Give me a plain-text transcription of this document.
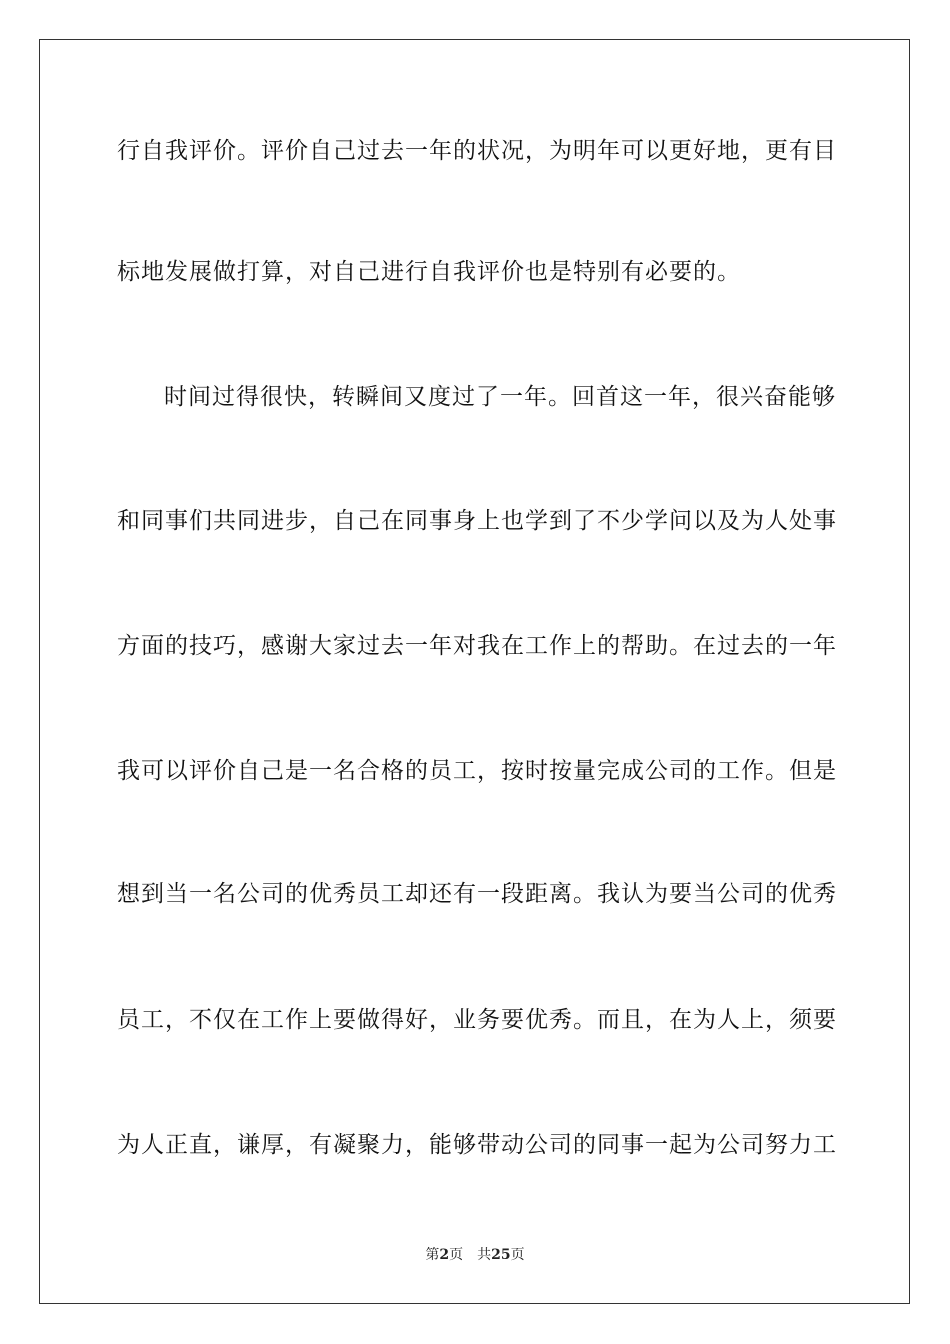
行自我评价。评价自己过去一年的状况，为明年可以更好地，更有目
标地发展做打算，对自己进行自我评价也是特别有必要的。
时间过得很快，转瞬间又度过了一年。回首这一年，很兴奋能够
和同事们共同进步，自己在同事身上也学到了不少学问以及为人处事
方面的技巧，感谢大家过去一年对我在工作上的帮助。在过去的一年
我可以评价自己是一名合格的员工，按时按量完成公司的工作。但是
想到当一名公司的优秀员工却还有一段距离。我认为要当公司的优秀
员工，不仅在工作上要做得好，业务要优秀。而且，在为人上，须要
为人正直，谦厚，有凝聚力，能够带动公司的同事一起为公司努力工
第2页 共25页
